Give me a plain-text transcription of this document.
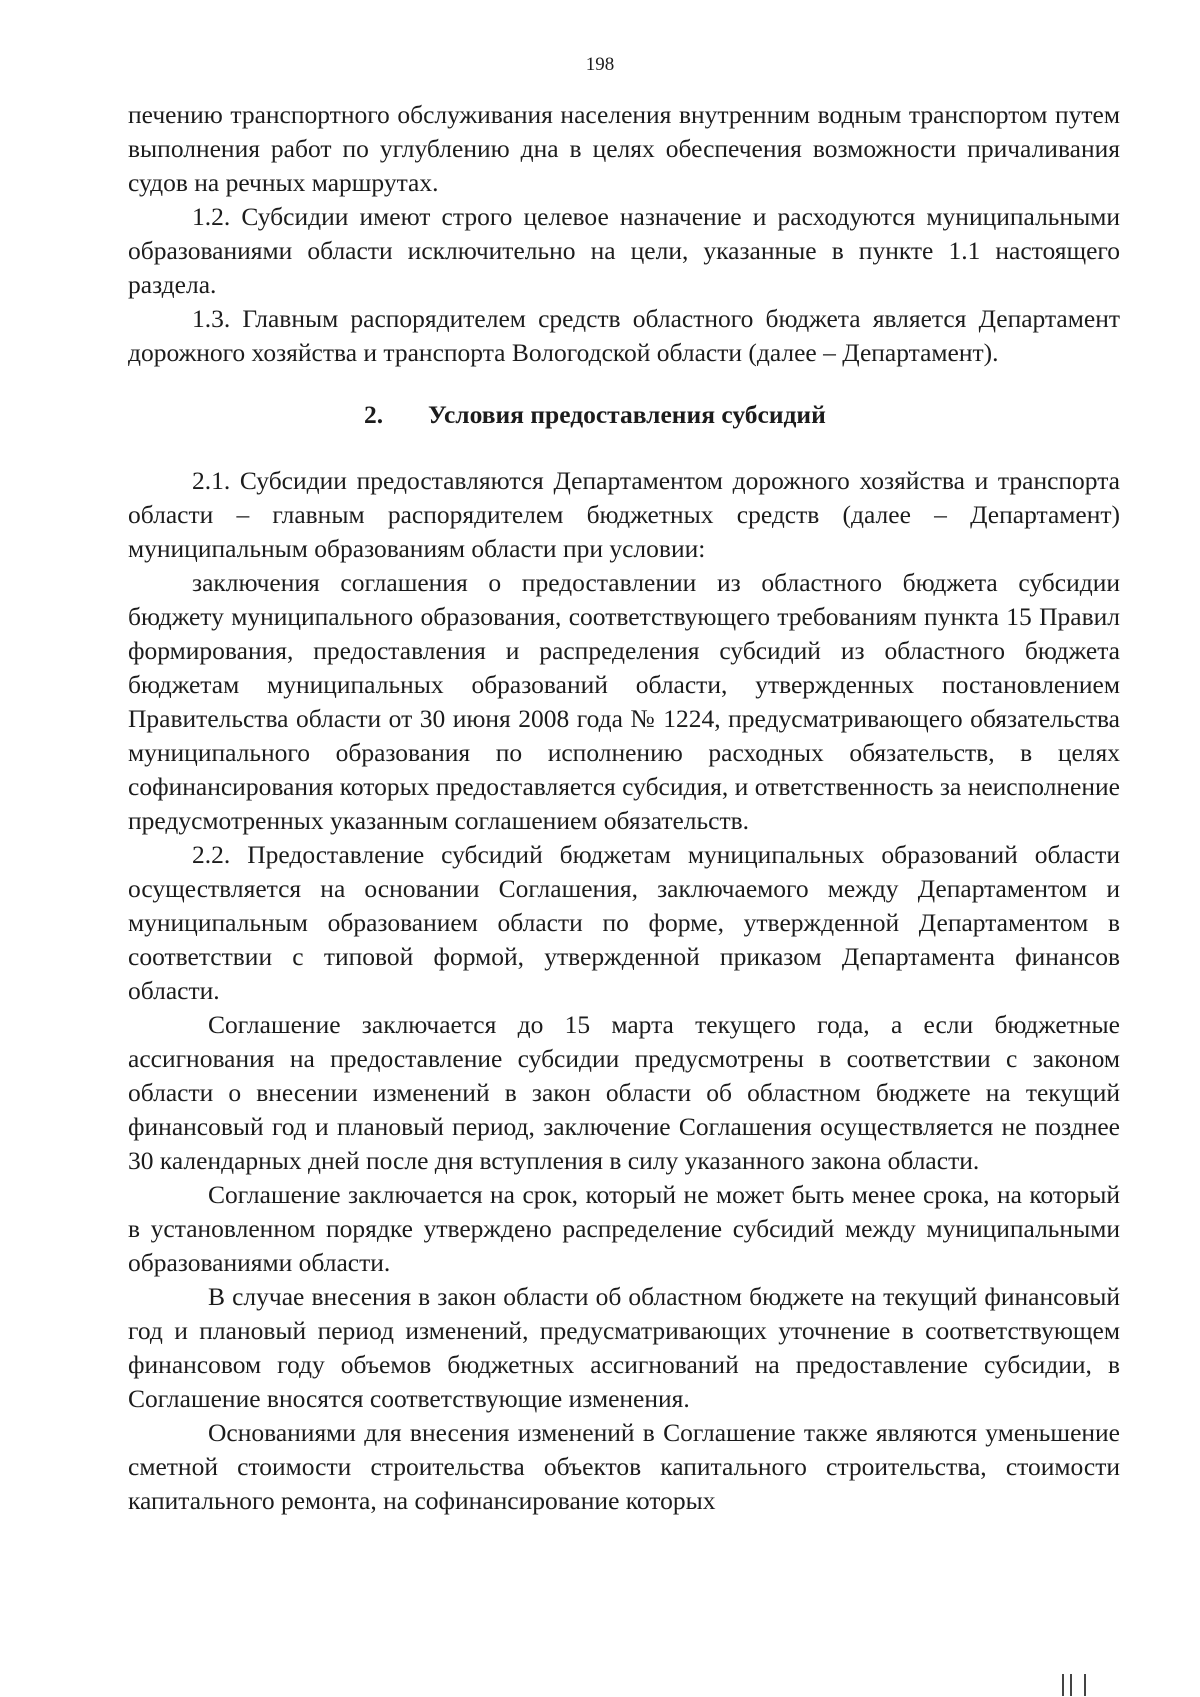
198

печению транспортного обслуживания населения внутренним водным транспортом путем выполнения работ по углублению дна в целях обеспечения возможности причаливания судов на речных маршрутах.

1.2. Субсидии имеют строго целевое назначение и расходуются муниципальными образованиями области исключительно на цели, указанные в пункте 1.1 настоящего раздела.

1.3. Главным распорядителем средств областного бюджета является Департамент дорожного хозяйства и транспорта Вологодской области (далее – Департамент).

2. Условия предоставления субсидий

2.1. Субсидии предоставляются Департаментом дорожного хозяйства и транспорта области – главным распорядителем бюджетных средств (далее – Департамент) муниципальным образованиям области при условии:

заключения соглашения о предоставлении из областного бюджета субсидии бюджету муниципального образования, соответствующего требованиям пункта 15 Правил формирования, предоставления и распределения субсидий из областного бюджета бюджетам муниципальных образований области, утвержденных постановлением Правительства области от 30 июня 2008 года № 1224, предусматривающего обязательства муниципального образования по исполнению расходных обязательств, в целях софинансирования которых предоставляется субсидия, и ответственность за неисполнение предусмотренных указанным соглашением обязательств.

2.2. Предоставление субсидий бюджетам муниципальных образований области осуществляется на основании Соглашения, заключаемого между Департаментом и муниципальным образованием области по форме, утвержденной Департаментом в соответствии с типовой формой, утвержденной приказом Департамента финансов области.

Соглашение заключается до 15 марта текущего года, а если бюджетные ассигнования на предоставление субсидии предусмотрены в соответствии с законом области о внесении изменений в закон области об областном бюджете на текущий финансовый год и плановый период, заключение Соглашения осуществляется не позднее 30 календарных дней после дня вступления в силу указанного закона области.

Соглашение заключается на срок, который не может быть менее срока, на который в установленном порядке утверждено распределение субсидий между муниципальными образованиями области.

В случае внесения в закон области об областном бюджете на текущий финансовый год и плановый период изменений, предусматривающих уточнение в соответствующем финансовом году объемов бюджетных ассигнований на предоставление субсидии, в Соглашение вносятся соответствующие изменения.

Основаниями для внесения изменений в Соглашение также являются уменьшение сметной стоимости строительства объектов капитального строительства, стоимости капитального ремонта, на софинансирование которых
